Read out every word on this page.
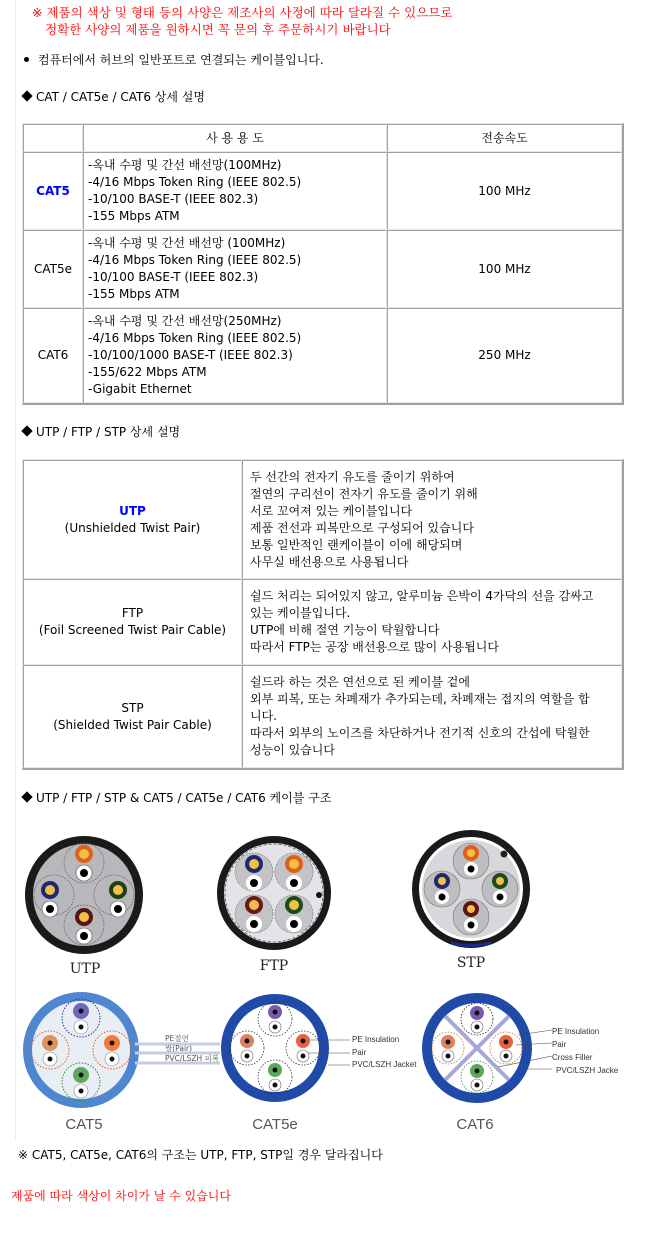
※ 제품의 색상 및 형태 등의 사양은 제조사의 사정에 따라 달라질 수 있으므로
정확한 사양의 제품을 원하시면 꼭 문의 후 주문하시기 바랍니다
컴퓨터에서 허브의 일반포트로 연결되는 케이블입니다.
CAT / CAT5e / CAT6 상세 설명
	사 용 용 도	전송속도
CAT5	-옥내 수평 및 간선 배선망(100MHz)
-4/16 Mbps Token Ring (IEEE 802.5)
-10/100 BASE-T (IEEE 802.3)
-155 Mbps ATM	100 MHz
CAT5e	-옥내 수평 및 간선 배선망 (100MHz)
-4/16 Mbps Token Ring (IEEE 802.5)
-10/100 BASE-T (IEEE 802.3)
-155 Mbps ATM	100 MHz
CAT6	-옥내 수평 및 간선 배선망(250MHz)
-4/16 Mbps Token Ring (IEEE 802.5)
-10/100/1000 BASE-T (IEEE 802.3)
-155/622 Mbps ATM
-Gigabit Ethernet	250 MHz
UTP / FTP / STP 상세 설명
UTP
(Unshielded Twist Pair)

두 선간의 전자기 유도를 줄이기 위하여
절연의 구리선이 전자기 유도를 줄이기 위해
서로 꼬여져 있는 케이블입니다
제품 전선과 피복만으로 구성되어 있습니다
보통 일반적인 랜케이블이 이에 해당되며
사무실 배선용으로 사용됩니다

FTP
(Foil Screened Twist Pair Cable)

쉴드 처리는 되어있지 않고, 알루미늄 은박이 4가닥의 선을 감싸고
있는 케이블입니다.
UTP에 비해 절연 기능이 탁월합니다
따라서 FTP는 공장 배선용으로 많이 사용됩니다

STP
(Shielded Twist Pair Cable)

쉴드라 하는 것은 연선으로 된 케이블 겉에
외부 피복, 또는 차폐재가 추가되는데, 차폐재는 접지의 역할을 합
니다.
따라서 외부의 노이즈를 차단하거나 전기적 신호의 간섭에 탁월한
성능이 있습니다
UTP / FTP / STP & CAT5 / CAT5e / CAT6 케이블 구조
UTP	FTP	STP
PE절연
쌍(Pair)
PVC/LSZH 피복
CAT5
PE Insulation
Pair
PVC/LSZH Jacket
CAT5e
PE Insulation
Pair
Cross Filler
PVC/LSZH Jacke
CAT6
※ CAT5, CAT5e, CAT6의 구조는 UTP, FTP, STP일 경우 달라집니다
제품에 따라 색상이 차이가 날 수 있습니다
